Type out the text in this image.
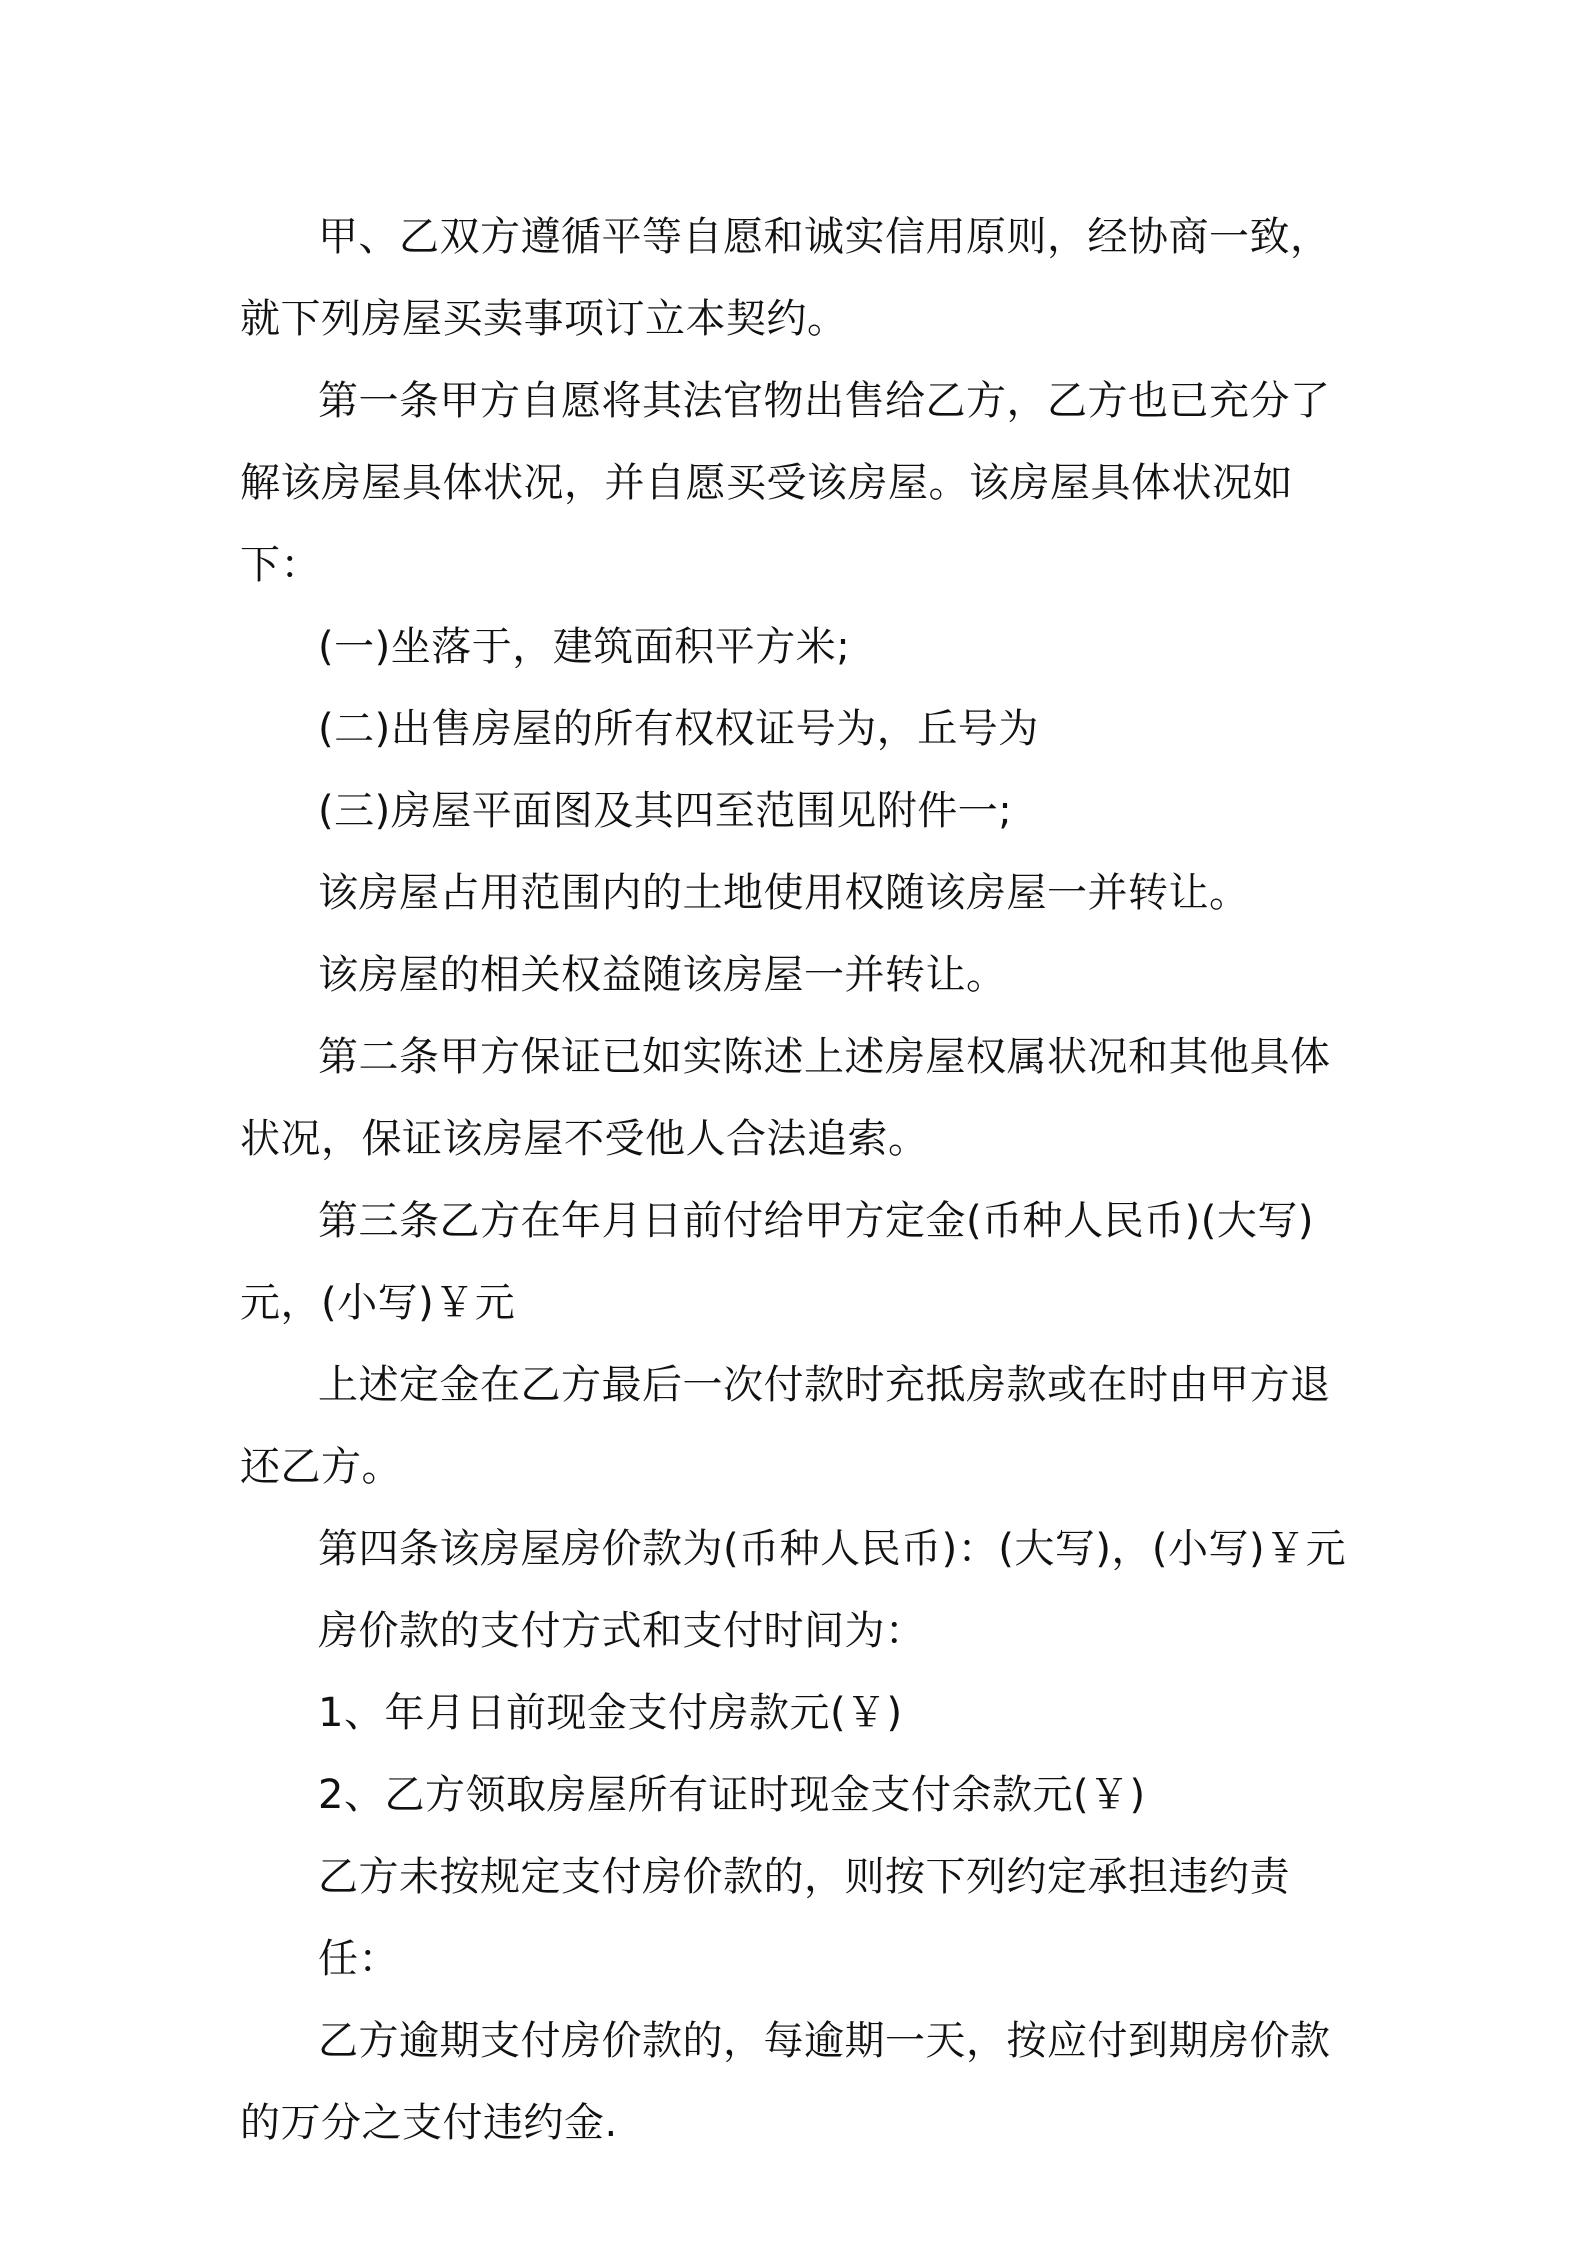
甲、乙双方遵循平等自愿和诚实信用原则，经协商一致，就下列房屋买卖事项订立本契约。

第一条甲方自愿将其法官物出售给乙方，乙方也已充分了解该房屋具体状况，并自愿买受该房屋。该房屋具体状况如下：

(一)坐落于，建筑面积平方米;

(二)出售房屋的所有权权证号为，丘号为

(三)房屋平面图及其四至范围见附件一;

该房屋占用范围内的土地使用权随该房屋一并转让。

该房屋的相关权益随该房屋一并转让。

第二条甲方保证已如实陈述上述房屋权属状况和其他具体状况，保证该房屋不受他人合法追索。

第三条乙方在年月日前付给甲方定金(币种人民币)(大写)元，(小写)￥元

上述定金在乙方最后一次付款时充抵房款或在时由甲方退还乙方。

第四条该房屋房价款为(币种人民币)：(大写)，(小写)￥元

房价款的支付方式和支付时间为：

1、年月日前现金支付房款元(￥)

2、乙方领取房屋所有证时现金支付余款元(￥)

乙方未按规定支付房价款的，则按下列约定承担违约责任：

乙方逾期支付房价款的，每逾期一天，按应付到期房价款的万分之支付违约金.
